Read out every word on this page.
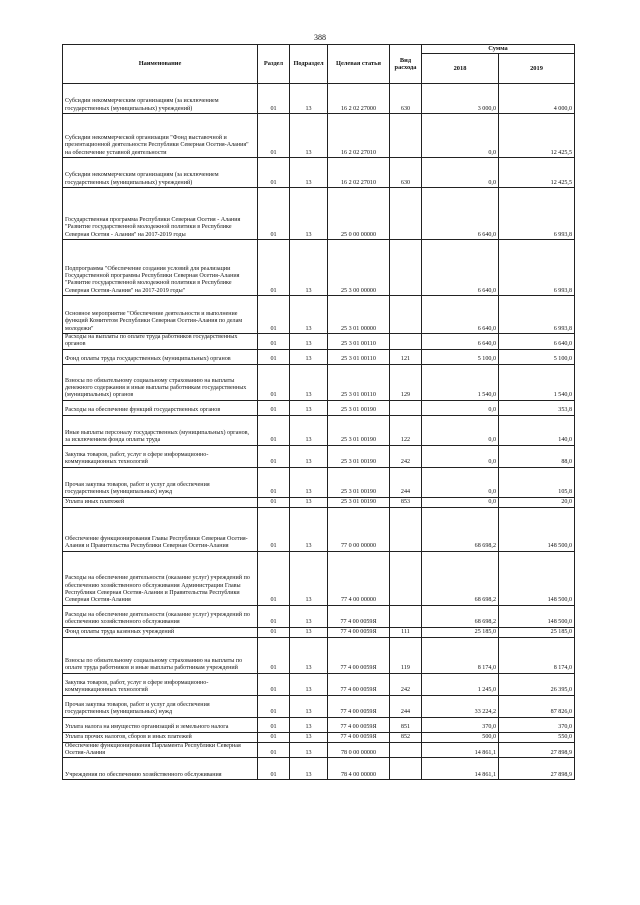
388
Наименование	Раздел	Подраздел	Целевая статья	Вид расхода	Сумма	
					2018	2019
Субсидии некоммерческим организациям (за исключением государственных (муниципальных) учреждений)	01	13	16 2 02 27000	630	3 000,0	4 000,0
Субсидии некоммерческой организации "Фонд выставочной и презентационной деятельности Республики Северная Осетия-Алания" на обеспечение уставной деятельности	01	13	16 2 02 27010		0,0	12 425,5
Субсидии некоммерческим организациям (за исключением государственных (муниципальных) учреждений)	01	13	16 2 02 27010	630	0,0	12 425,5
Государственная программа Республики Северная Осетия - Алания "Развитие государственной молодежной политики в Республике Северная Осетия - Алания" на 2017-2019 годы	01	13	25 0 00 00000		6 640,0	6 993,8
Подпрограмма "Обеспечение создания условий для реализации Государственной программы Республики Северная Осетия-Алания "Развитие государственной молодежной политики в Республике Северная Осетия-Алания" на 2017-2019 годы"	01	13	25 3 00 00000		6 640,0	6 993,8
Основное мероприятие "Обеспечение деятельности и выполнение функций Комитетом Республики Северная Осетия-Алания по делам молодежи"	01	13	25 3 01 00000		6 640,0	6 993,8
Расходы на выплаты по оплате труда работников государственных органов	01	13	25 3 01 00110		6 640,0	6 640,0
Фонд оплаты труда государственных (муниципальных) органов	01	13	25 3 01 00110	121	5 100,0	5 100,0
Взносы по обязательному социальному страхованию на выплаты денежного содержания и иные выплаты работникам государственных (муниципальных) органов	01	13	25 3 01 00110	129	1 540,0	1 540,0
Расходы на обеспечение функций государственных органов	01	13	25 3 01 00190		0,0	353,8
Иные выплаты персоналу государственных (муниципальных) органов, за исключением фонда оплаты труда	01	13	25 3 01 00190	122	0,0	140,0
Закупка товаров, работ, услуг в сфере информационно-коммуникационных технологий	01	13	25 3 01 00190	242	0,0	88,0
Прочая закупка товаров, работ и услуг для обеспечения государственных (муниципальных) нужд	01	13	25 3 01 00190	244	0,0	105,8
Уплата иных платежей	01	13	25 3 01 00190	853	0,0	20,0
Обеспечение функционирования Главы Республики Северная Осетия-Алания и Правительства Республики Северная Осетия-Алания	01	13	77 0 00 00000		68 698,2	148 500,0
Расходы на обеспечение деятельности (оказание услуг) учреждений по обеспечению хозяйственного обслуживания Администрации Главы Республики Северная Осетия-Алания и Правительства Республики Северная Осетия-Алания	01	13	77 4 00 00000		68 698,2	148 500,0
Расходы на обеспечение деятельности (оказание услуг) учреждений по обеспечению хозяйственного обслуживания	01	13	77 4 00 0059Я		68 698,2	148 500,0
Фонд оплаты труда казенных учреждений	01	13	77 4 00 0059Я	111	25 185,0	25 185,0
Взносы по обязательному социальному страхованию на выплаты по оплате труда работников и иные выплаты работникам учреждений	01	13	77 4 00 0059Я	119	8 174,0	8 174,0
Закупка товаров, работ, услуг в сфере информационно-коммуникационных технологий	01	13	77 4 00 0059Я	242	1 245,0	26 395,0
Прочая закупка товаров, работ и услуг для обеспечения государственных (муниципальных) нужд	01	13	77 4 00 0059Я	244	33 224,2	87 826,0
Уплата налога на имущество организаций и земельного налога	01	13	77 4 00 0059Я	851	370,0	370,0
Уплата прочих налогов, сборов и иных платежей	01	13	77 4 00 0059Я	852	500,0	550,0
Обеспечение функционирования Парламента Республики Северная Осетия-Алания	01	13	78 0 00 00000		14 861,1	27 898,9
Учреждения по обеспечению хозяйственного обслуживания	01	13	78 4 00 00000		14 861,1	27 898,9
